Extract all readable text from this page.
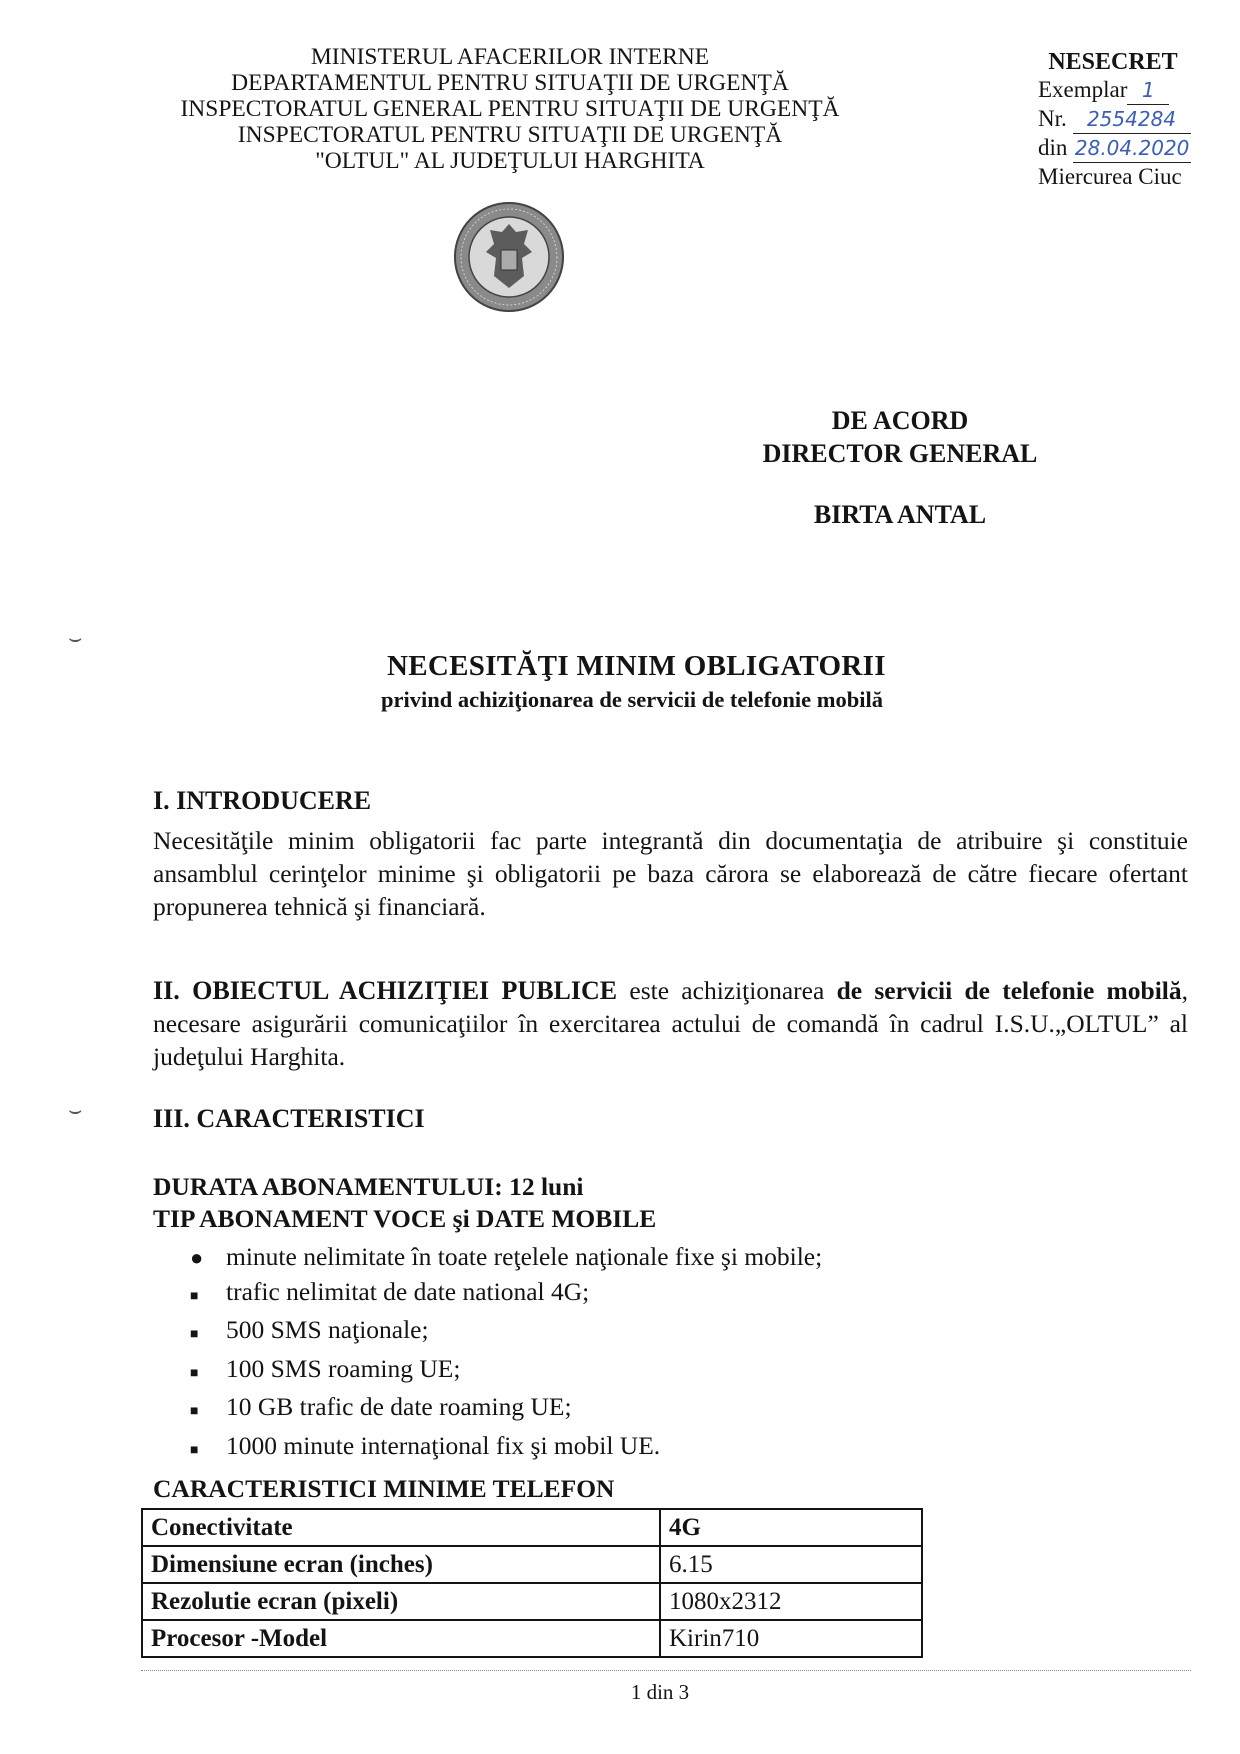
MINISTERUL AFACERILOR INTERNE
DEPARTAMENTUL PENTRU SITUAŢII DE URGENŢĂ
INSPECTORATUL GENERAL PENTRU SITUAŢII DE URGENŢĂ
INSPECTORATUL PENTRU SITUAŢII DE URGENŢĂ
"OLTUL" AL JUDEŢULUI HARGHITA
NESECRET
Exemplar 1
Nr. 2554284
din 28.04.2020
Miercurea Ciuc
DE ACORD
DIRECTOR GENERAL
BIRTA ANTAL
⌣
⌣
NECESITĂŢI MINIM OBLIGATORII
privind achiziţionarea de servicii de telefonie mobilă
I. INTRODUCERE
Necesităţile minim obligatorii fac parte integrantă din documentaţia de atribuire şi constituie ansamblul cerinţelor minime şi obligatorii pe baza cărora se elaborează de către fiecare ofertant propunerea tehnică şi financiară.
II. OBIECTUL ACHIZIŢIEI PUBLICE este achiziţionarea de servicii de telefonie mobilă, necesare asigurării comunicaţiilor în exercitarea actului de comandă în cadrul I.S.U.„OLTUL” al judeţului Harghita.
III. CARACTERISTICI
DURATA ABONAMENTULUI: 12 luni
TIP ABONAMENT VOCE şi DATE MOBILE
● minute nelimitate în toate reţelele naţionale fixe şi mobile;
■	trafic nelimitat de date national 4G;
■	500 SMS naţionale;
■	100 SMS roaming UE;
■	10 GB trafic de date roaming UE;
■	1000 minute internaţional fix şi mobil UE.
CARACTERISTICI MINIME TELEFON
Conectivitate	4G
Dimensiune ecran (inches)	6.15
Rezolutie ecran (pixeli)	1080x2312
Procesor -Model	Kirin710
1 din 3
